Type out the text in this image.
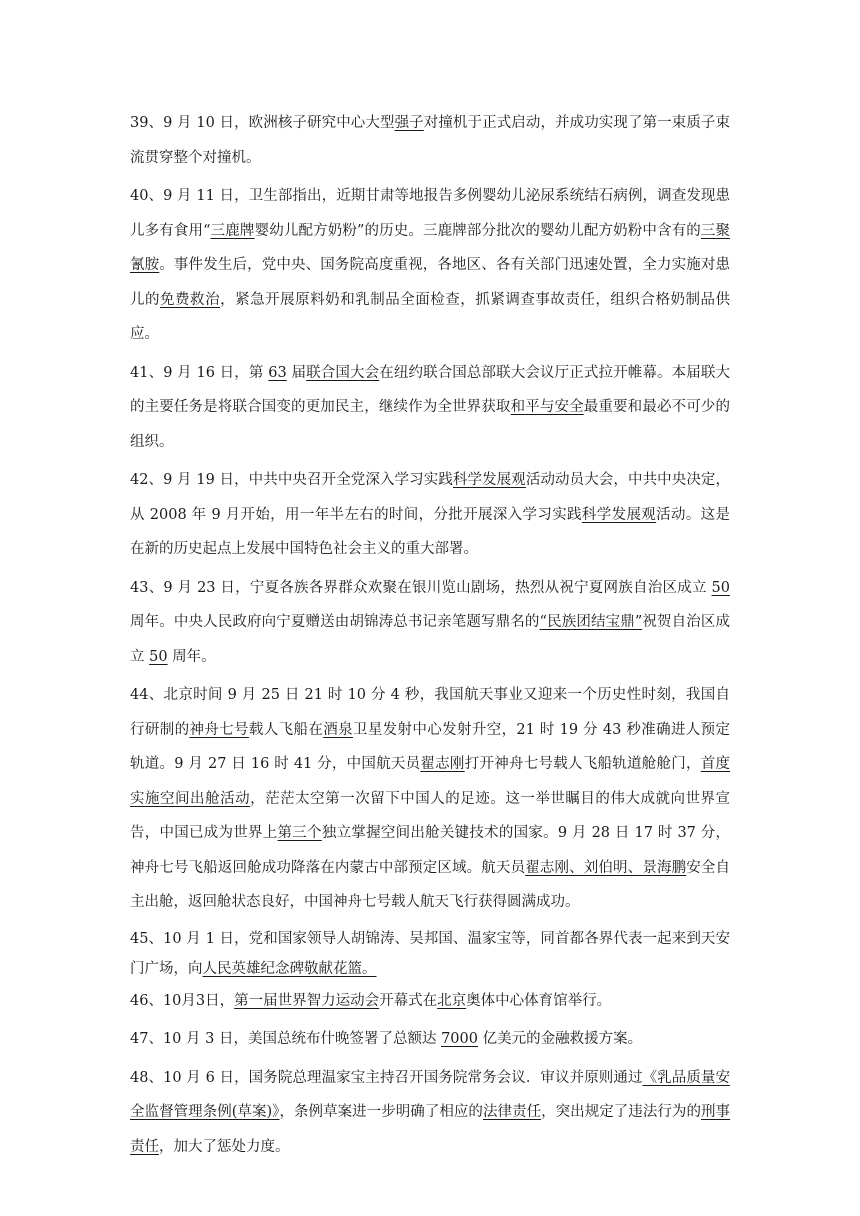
39、9 月 10 日，欧洲核子研究中心大型强子对撞机于正式启动，并成功实现了第一束质子束流贯穿整个对撞机。

40、9 月 11 日，卫生部指出，近期甘肃等地报告多例婴幼儿泌尿系统结石病例，调查发现患儿多有食用“三鹿牌婴幼儿配方奶粉”的历史。三鹿牌部分批次的婴幼儿配方奶粉中含有的三聚氰胺。事件发生后，党中央、国务院高度重视，各地区、各有关部门迅速处置，全力实施对患儿的免费救治，紧急开展原料奶和乳制品全面检查，抓紧调查事故责任，组织合格奶制品供应。

41、9 月 16 日，第 63 届联合国大会在纽约联合国总部联大会议厅正式拉开帷幕。本届联大的主要任务是将联合国变的更加民主，继续作为全世界获取和平与安全最重要和最必不可少的组织。

42、9 月 19 日，中共中央召开全党深入学习实践科学发展观活动动员大会，中共中央决定，从 2008 年 9 月开始，用一年半左右的时间，分批开展深入学习实践科学发展观活动。这是在新的历史起点上发展中国特色社会主义的重大部署。

43、9 月 23 日，宁夏各族各界群众欢聚在银川览山剧场，热烈从祝宁夏网族自治区成立 50 周年。中央人民政府向宁夏赠送由胡锦涛总书记亲笔题写鼎名的“民族团结宝鼎”祝贺自治区成立 50 周年。

44、北京时间 9 月 25 日 21 时 10 分 4 秒，我国航天事业又迎来一个历史性时刻，我国自行研制的神舟七号载人飞船在酒泉卫星发射中心发射升空，21 时 19 分 43 秒准确进人预定轨道。9 月 27 日 16 时 41 分，中国航天员翟志刚打开神舟七号载人飞船轨道舱舱门，首度实施空间出舱活动，茫茫太空第一次留下中国人的足迹。这一举世瞩目的伟大成就向世界宣告，中国已成为世界上第三个独立掌握空间出舱关键技术的国家。9 月 28 日 17 时 37 分，神舟七号飞船返回舱成功降落在内蒙古中部预定区域。航天员翟志刚、刘伯明、景海鹏安全自主出舱，返回舱状态良好，中国神舟七号载人航天飞行获得圆满成功。

45、10 月 1 日，党和国家领导人胡锦涛、吴邦国、温家宝等，同首都各界代表一起来到天安门广场，向人民英雄纪念碑敬献花篮。

46、10月3日，第一届世界智力运动会开幕式在北京奥体中心体育馆举行。

47、10 月 3 日，美国总统布什晚签署了总额达 7000 亿美元的金融救援方案。

48、10 月 6 日，国务院总理温家宝主持召开国务院常务会议．审议并原则通过《乳品质量安全监督管理条例(草案)》，条例草案进一步明确了相应的法律责任，突出规定了违法行为的刑事责任，加大了惩处力度。
